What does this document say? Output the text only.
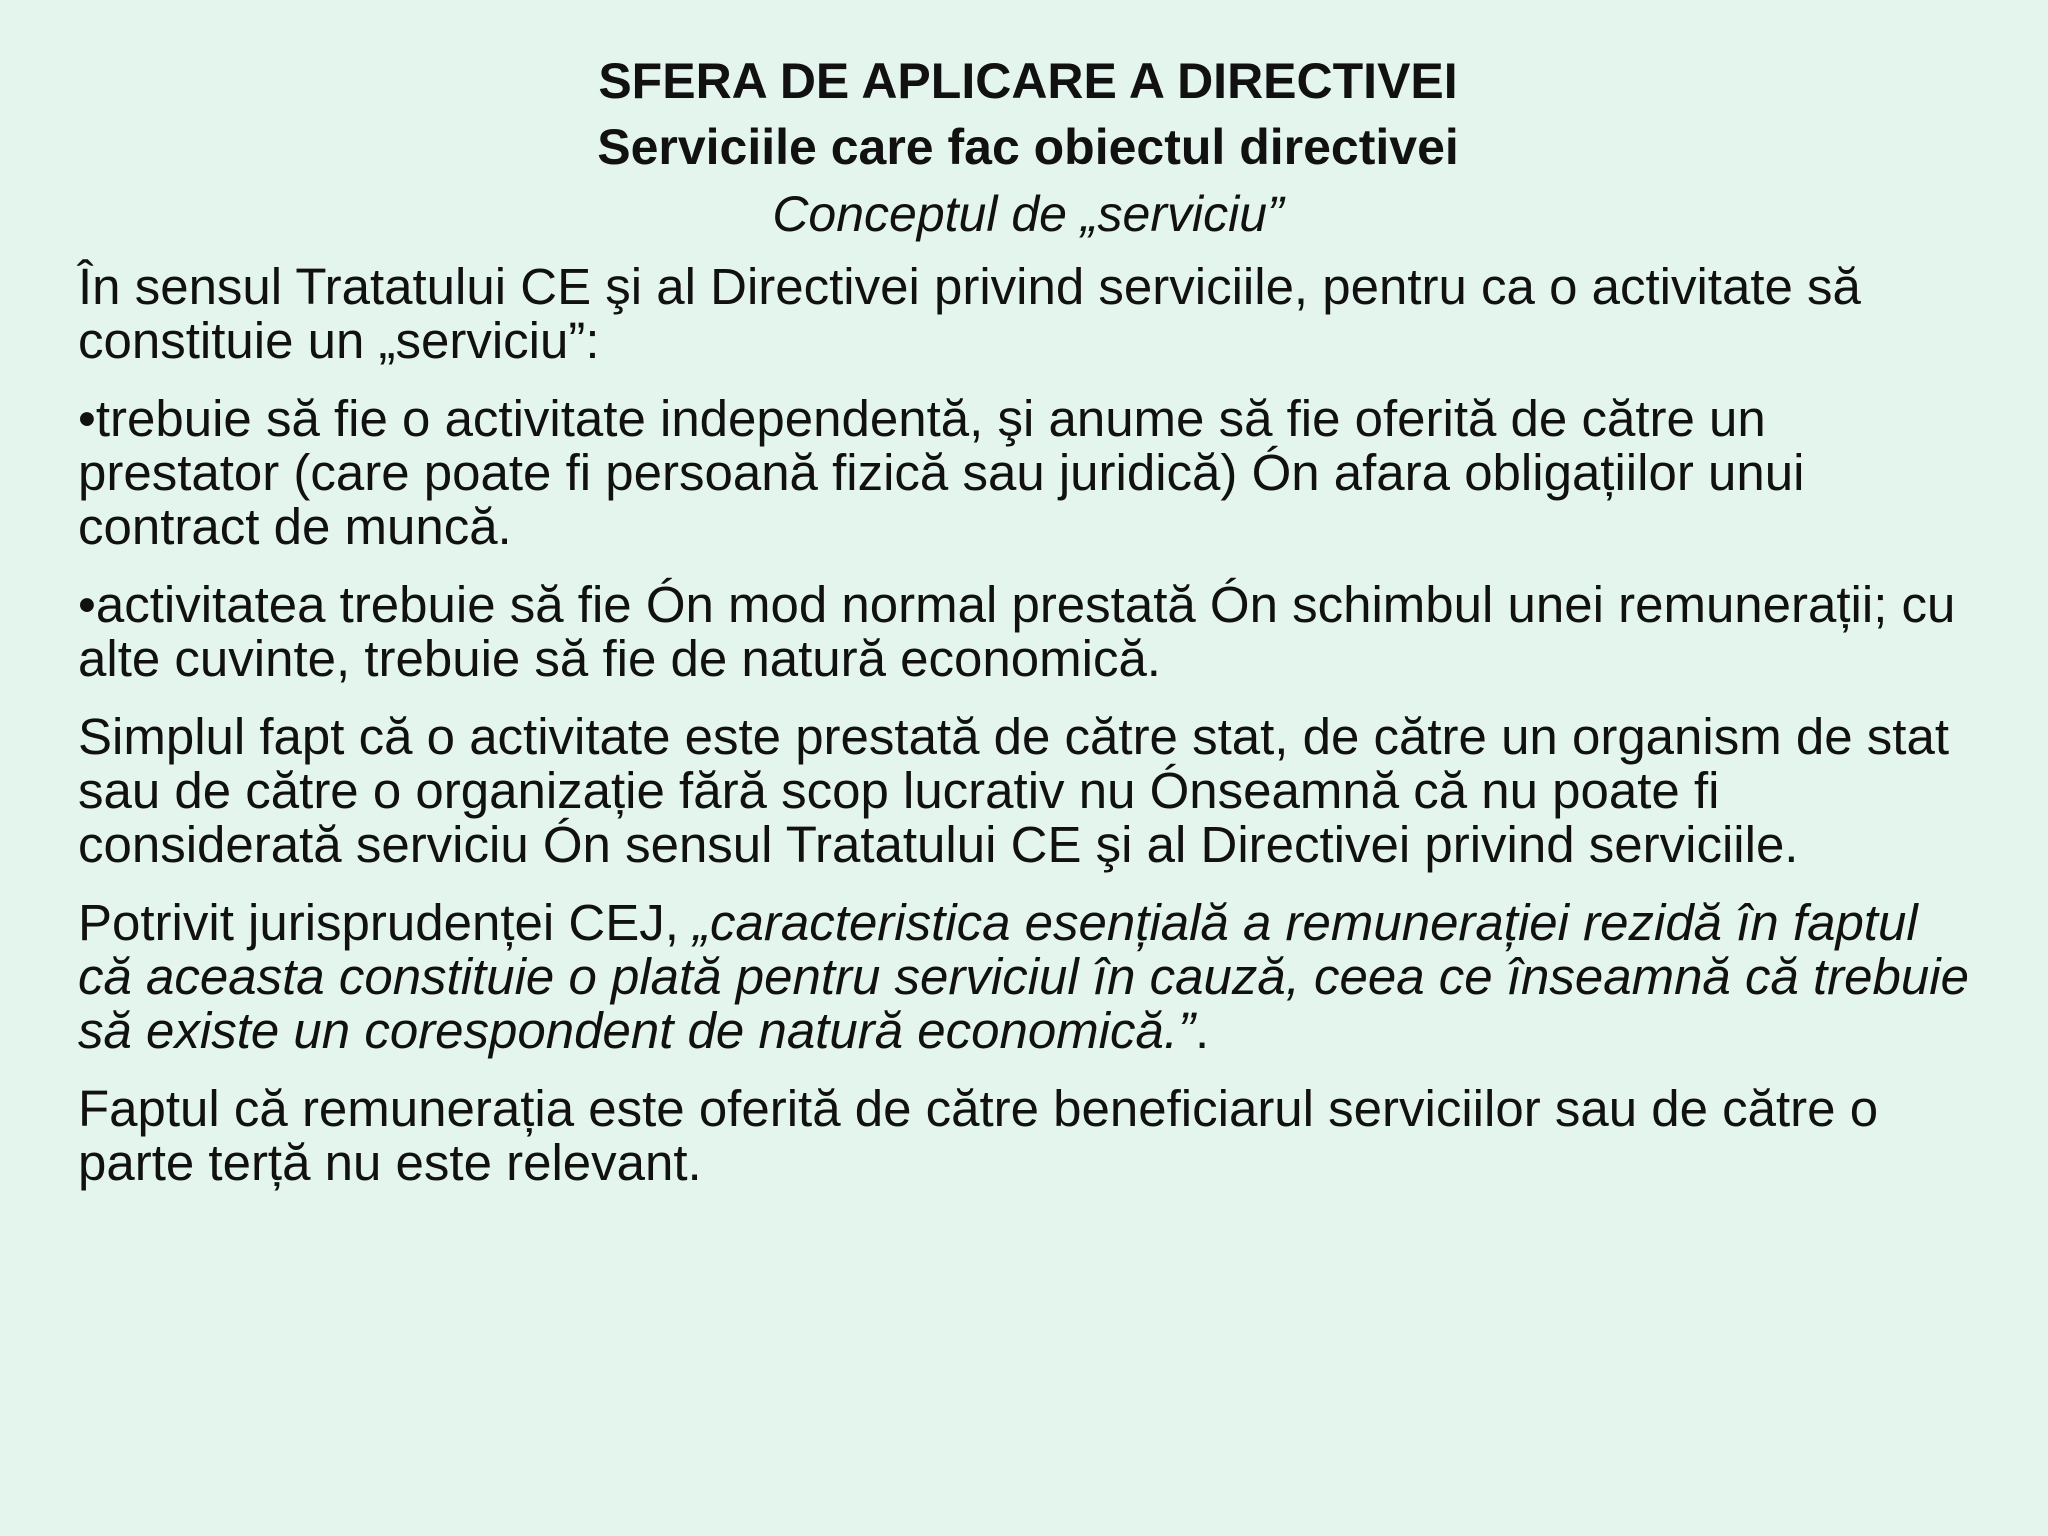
SFERA DE APLICARE A DIRECTIVEI

Serviciile care fac obiectul directivei

Conceptul de „serviciu”

În sensul Tratatului CE şi al Directivei privind serviciile, pentru ca o activitate să constituie un „serviciu”:

•trebuie să fie o activitate independentă, şi anume să fie oferită de către un prestator (care poate fi persoană fizică sau juridică) Ón afara obligațiilor unui contract de muncă.

•activitatea trebuie să fie Ón mod normal prestată Ón schimbul unei remunerații; cu alte cuvinte, trebuie să fie de natură economică.

Simplul fapt că o activitate este prestată de către stat, de către un organism de stat sau de către o organizație fără scop lucrativ nu Ónseamnă că nu poate fi considerată serviciu Ón sensul Tratatului CE şi al Directivei privind serviciile.

Potrivit jurisprudenței CEJ, „caracteristica esențială a remunerației rezidă în faptul că aceasta constituie o plată pentru serviciul în cauză, ceea ce înseamnă că trebuie să existe un corespondent de natură economică.”.

Faptul că remunerația este oferită de către beneficiarul serviciilor sau de către o parte terță nu este relevant.
